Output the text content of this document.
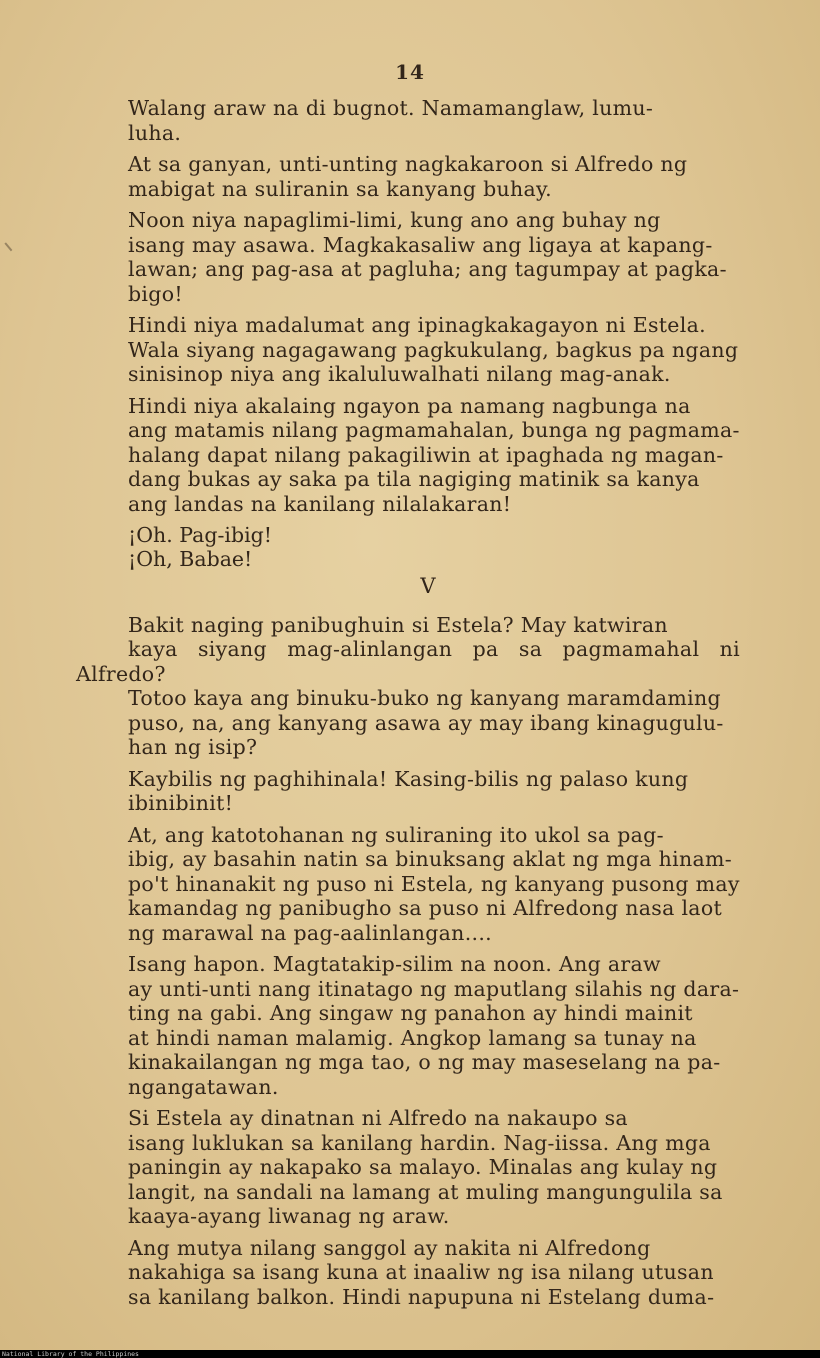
14

Walang araw na di bugnot. Namamanglaw, lumu-
luha.

At sa ganyan, unti-unting nagkakaroon si Alfredo ng
mabigat na suliranin sa kanyang buhay.

Noon niya napaglimi-limi, kung ano ang buhay ng
isang may asawa. Magkakasaliw ang ligaya at kapang-
lawan; ang pag-asa at pagluha; ang tagumpay at pagka-
bigo!

Hindi niya madalumat ang ipinagkakagayon ni Estela.
Wala siyang nagagawang pagkukulang, bagkus pa ngang
sinisinop niya ang ikaluluwalhati nilang mag-anak.

Hindi niya akalaing ngayon pa namang nagbunga na
ang matamis nilang pagmamahalan, bunga ng pagmama-
halang dapat nilang pakagiliwin at ipaghada ng magan-
dang bukas ay saka pa tila nagiging matinik sa kanya
ang landas na kanilang nilalakaran!

¡Oh. Pag-ibig!
¡Oh, Babae!
V

Bakit naging panibughuin si Estela? May katwiran
kaya siyang mag-alinlangan pa sa pagmamahal ni Alfredo?
Totoo kaya ang binuku-buko ng kanyang maramdaming
puso, na, ang kanyang asawa ay may ibang kinagugulu-
han ng isip?

Kaybilis ng paghihinala! Kasing-bilis ng palaso kung
ibinibinit!

At, ang katotohanan ng suliraning ito ukol sa pag-
ibig, ay basahin natin sa binuksang aklat ng mga hinam-
po't hinanakit ng puso ni Estela, ng kanyang pusong may
kamandag ng panibugho sa puso ni Alfredong nasa laot
ng marawal na pag-aalinlangan....

Isang hapon. Magtatakip-silim na noon. Ang araw
ay unti-unti nang itinatago ng maputlang silahis ng dara-
ting na gabi. Ang singaw ng panahon ay hindi mainit
at hindi naman malamig. Angkop lamang sa tunay na
kinakailangan ng mga tao, o ng may maseselang na pa-
ngangatawan.

Si Estela ay dinatnan ni Alfredo na nakaupo sa
isang luklukan sa kanilang hardin. Nag-iissa. Ang mga
paningin ay nakapako sa malayo. Minalas ang kulay ng
langit, na sandali na lamang at muling mangungulila sa
kaaya-ayang liwanag ng araw.

Ang mutya nilang sanggol ay nakita ni Alfredong
nakahiga sa isang kuna at inaaliw ng isa nilang utusan
sa kanilang balkon. Hindi napupuna ni Estelang duma-

National Library of the Philippines
